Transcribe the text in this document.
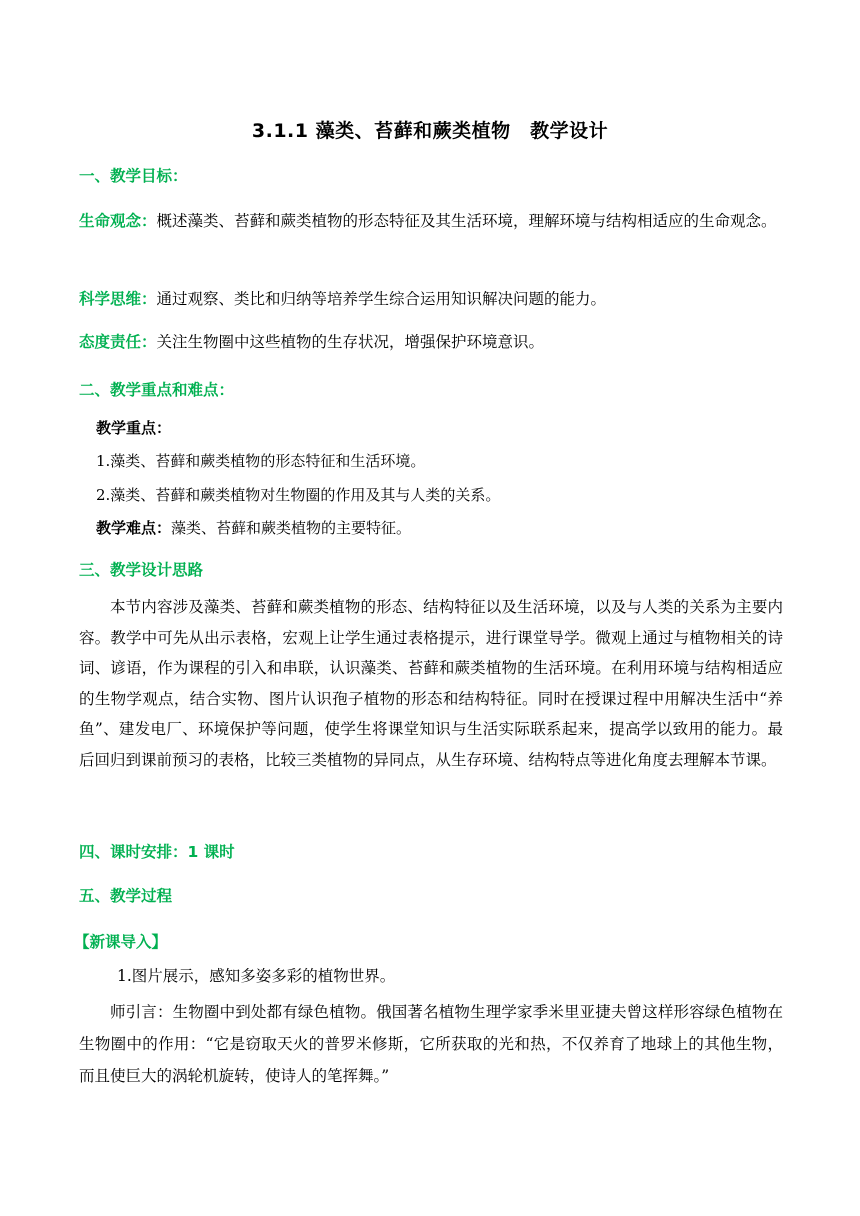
3.1.1 藻类、苔藓和蕨类植物　教学设计
一、教学目标：
生命观念：概述藻类、苔藓和蕨类植物的形态特征及其生活环境，理解环境与结构相适应的生命观念。
科学思维：通过观察、类比和归纳等培养学生综合运用知识解决问题的能力。
态度责任：关注生物圈中这些植物的生存状况，增强保护环境意识。
二、教学重点和难点：
教学重点：
1.藻类、苔藓和蕨类植物的形态特征和生活环境。
2.藻类、苔藓和蕨类植物对生物圈的作用及其与人类的关系。
教学难点：藻类、苔藓和蕨类植物的主要特征。
三、教学设计思路
本节内容涉及藻类、苔藓和蕨类植物的形态、结构特征以及生活环境，以及与人类的关系为主要内容。教学中可先从出示表格，宏观上让学生通过表格提示，进行课堂导学。微观上通过与植物相关的诗词、谚语，作为课程的引入和串联，认识藻类、苔藓和蕨类植物的生活环境。在利用环境与结构相适应的生物学观点，结合实物、图片认识孢子植物的形态和结构特征。同时在授课过程中用解决生活中“养鱼”、建发电厂、环境保护等问题，使学生将课堂知识与生活实际联系起来，提高学以致用的能力。最后回归到课前预习的表格，比较三类植物的异同点，从生存环境、结构特点等进化角度去理解本节课。
四、课时安排：1 课时
五、教学过程
【新课导入】
1.图片展示，感知多姿多彩的植物世界。
师引言：生物圈中到处都有绿色植物。俄国著名植物生理学家季米里亚捷夫曾这样形容绿色植物在生物圈中的作用：“它是窃取天火的普罗米修斯，它所获取的光和热，不仅养育了地球上的其他生物，而且使巨大的涡轮机旋转，使诗人的笔挥舞。”
